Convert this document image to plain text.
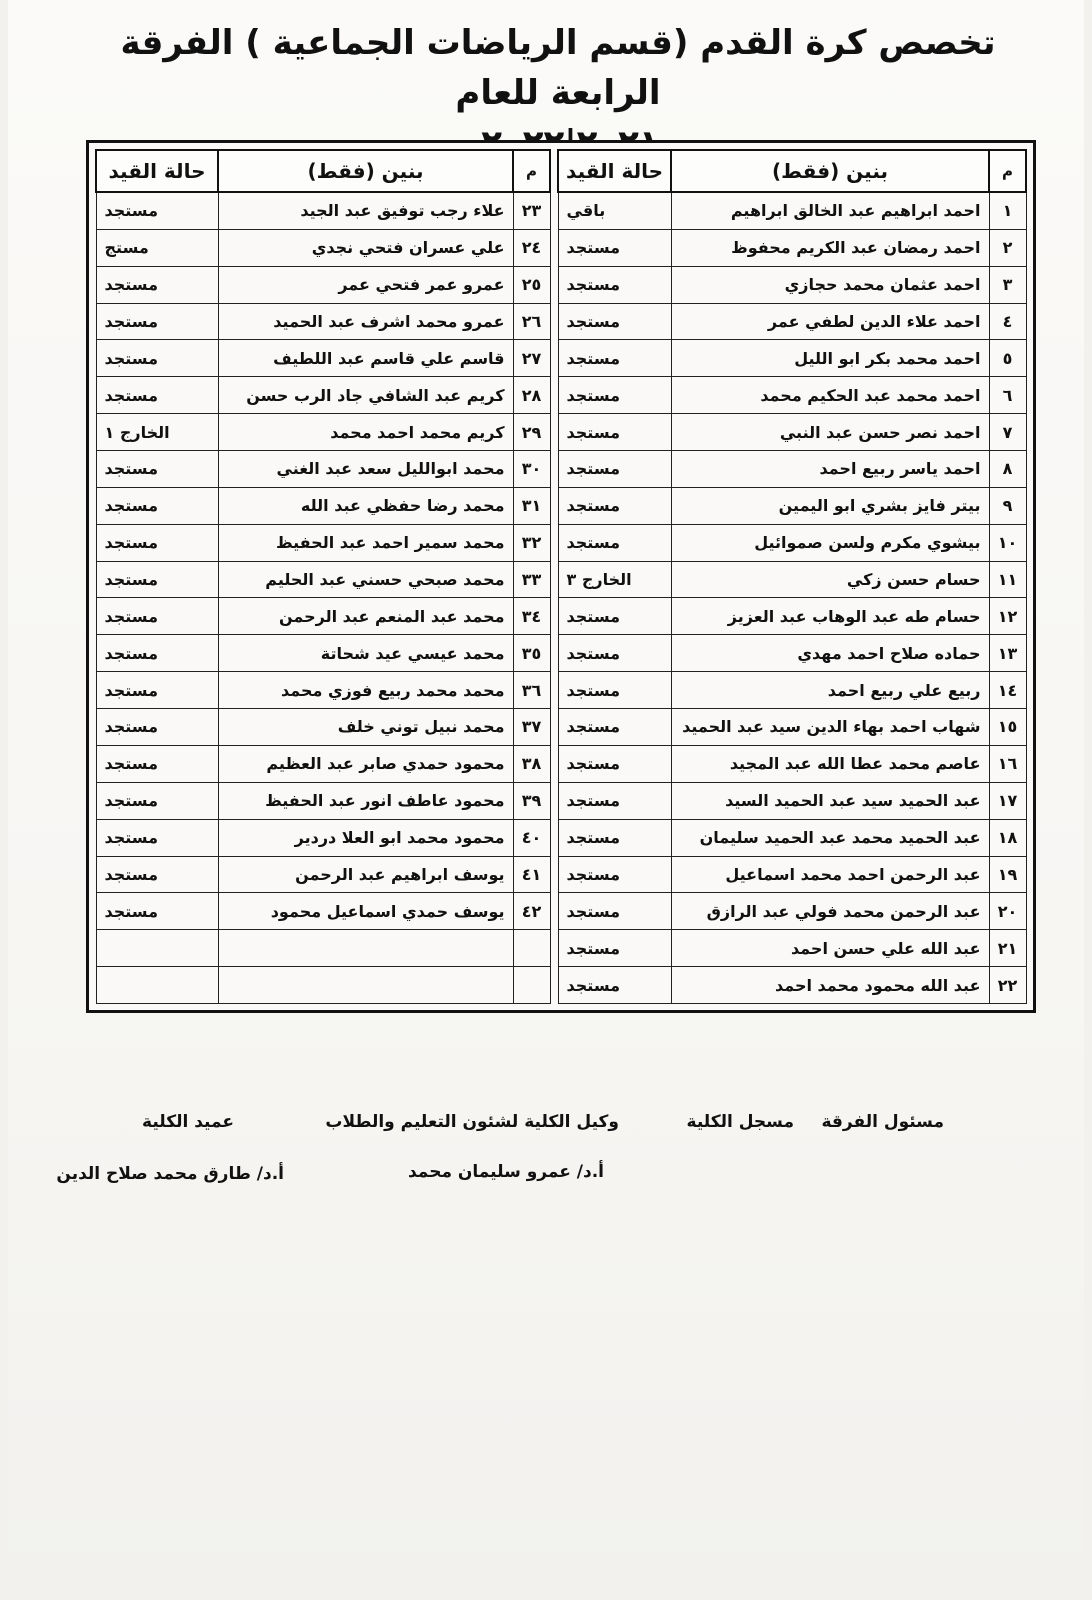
تخصص كرة القدم (قسم الرياضات الجماعية ) الفرقة الرابعة للعام
م	بنين (فقط)	حالة القيد
١	احمد ابراهيم عبد الخالق ابراهيم	باقي
٢	احمد رمضان عبد الكريم محفوظ	مستجد
٣	احمد عثمان محمد حجازي	مستجد
٤	احمد علاء الدين لطفي عمر	مستجد
٥	احمد محمد بكر ابو الليل	مستجد
٦	احمد محمد عبد الحكيم محمد	مستجد
٧	احمد نصر حسن عبد النبي	مستجد
٨	احمد ياسر ربيع احمد	مستجد
٩	بيتر فايز بشري ابو اليمين	مستجد
١٠	بيشوي مكرم ولسن صموائيل	مستجد
١١	حسام حسن زكي	الخارج ٣
١٢	حسام طه عبد الوهاب عبد العزيز	مستجد
١٣	حماده صلاح احمد مهدي	مستجد
١٤	ربيع علي ربيع احمد	مستجد
١٥	شهاب احمد بهاء الدين سيد عبد الحميد	مستجد
١٦	عاصم محمد عطا الله عبد المجيد	مستجد
١٧	عبد الحميد سيد عبد الحميد السيد	مستجد
١٨	عبد الحميد محمد عبد الحميد سليمان	مستجد
١٩	عبد الرحمن احمد محمد اسماعيل	مستجد
٢٠	عبد الرحمن محمد فولي عبد الرازق	مستجد
٢١	عبد الله علي حسن احمد	مستجد
٢٢	عبد الله محمود محمد احمد	مستجد
م	بنين (فقط)	حالة القيد
٢٣	علاء رجب توفيق عبد الجيد	مستجد
٢٤	علي عسران فتحي نجدي	مستج
٢٥	عمرو عمر فتحي عمر	مستجد
٢٦	عمرو محمد اشرف عبد الحميد	مستجد
٢٧	قاسم علي قاسم عبد اللطيف	مستجد
٢٨	كريم عبد الشافي جاد الرب حسن	مستجد
٢٩	كريم محمد احمد محمد	الخارج ١
٣٠	محمد ابوالليل سعد عبد الغني	مستجد
٣١	محمد رضا حفظي عبد الله	مستجد
٣٢	محمد سمير احمد عبد الحفيظ	مستجد
٣٣	محمد صبحي حسني عبد الحليم	مستجد
٣٤	محمد عبد المنعم عبد الرحمن	مستجد
٣٥	محمد عيسي عيد شحاتة	مستجد
٣٦	محمد محمد ربيع فوزي محمد	مستجد
٣٧	محمد نبيل توني خلف	مستجد
٣٨	محمود حمدي صابر عبد العظيم	مستجد
٣٩	محمود عاطف انور عبد الحفيظ	مستجد
٤٠	محمود محمد ابو العلا دردير	مستجد
٤١	يوسف ابراهيم عبد الرحمن	مستجد
٤٢	يوسف حمدي اسماعيل محمود	مستجد

مسئول الفرقة
مسجل الكلية
وكيل الكلية لشئون التعليم والطلاب
عميد الكلية
أ.د/ عمرو سليمان محمد
أ.د/ طارق محمد صلاح الدين
